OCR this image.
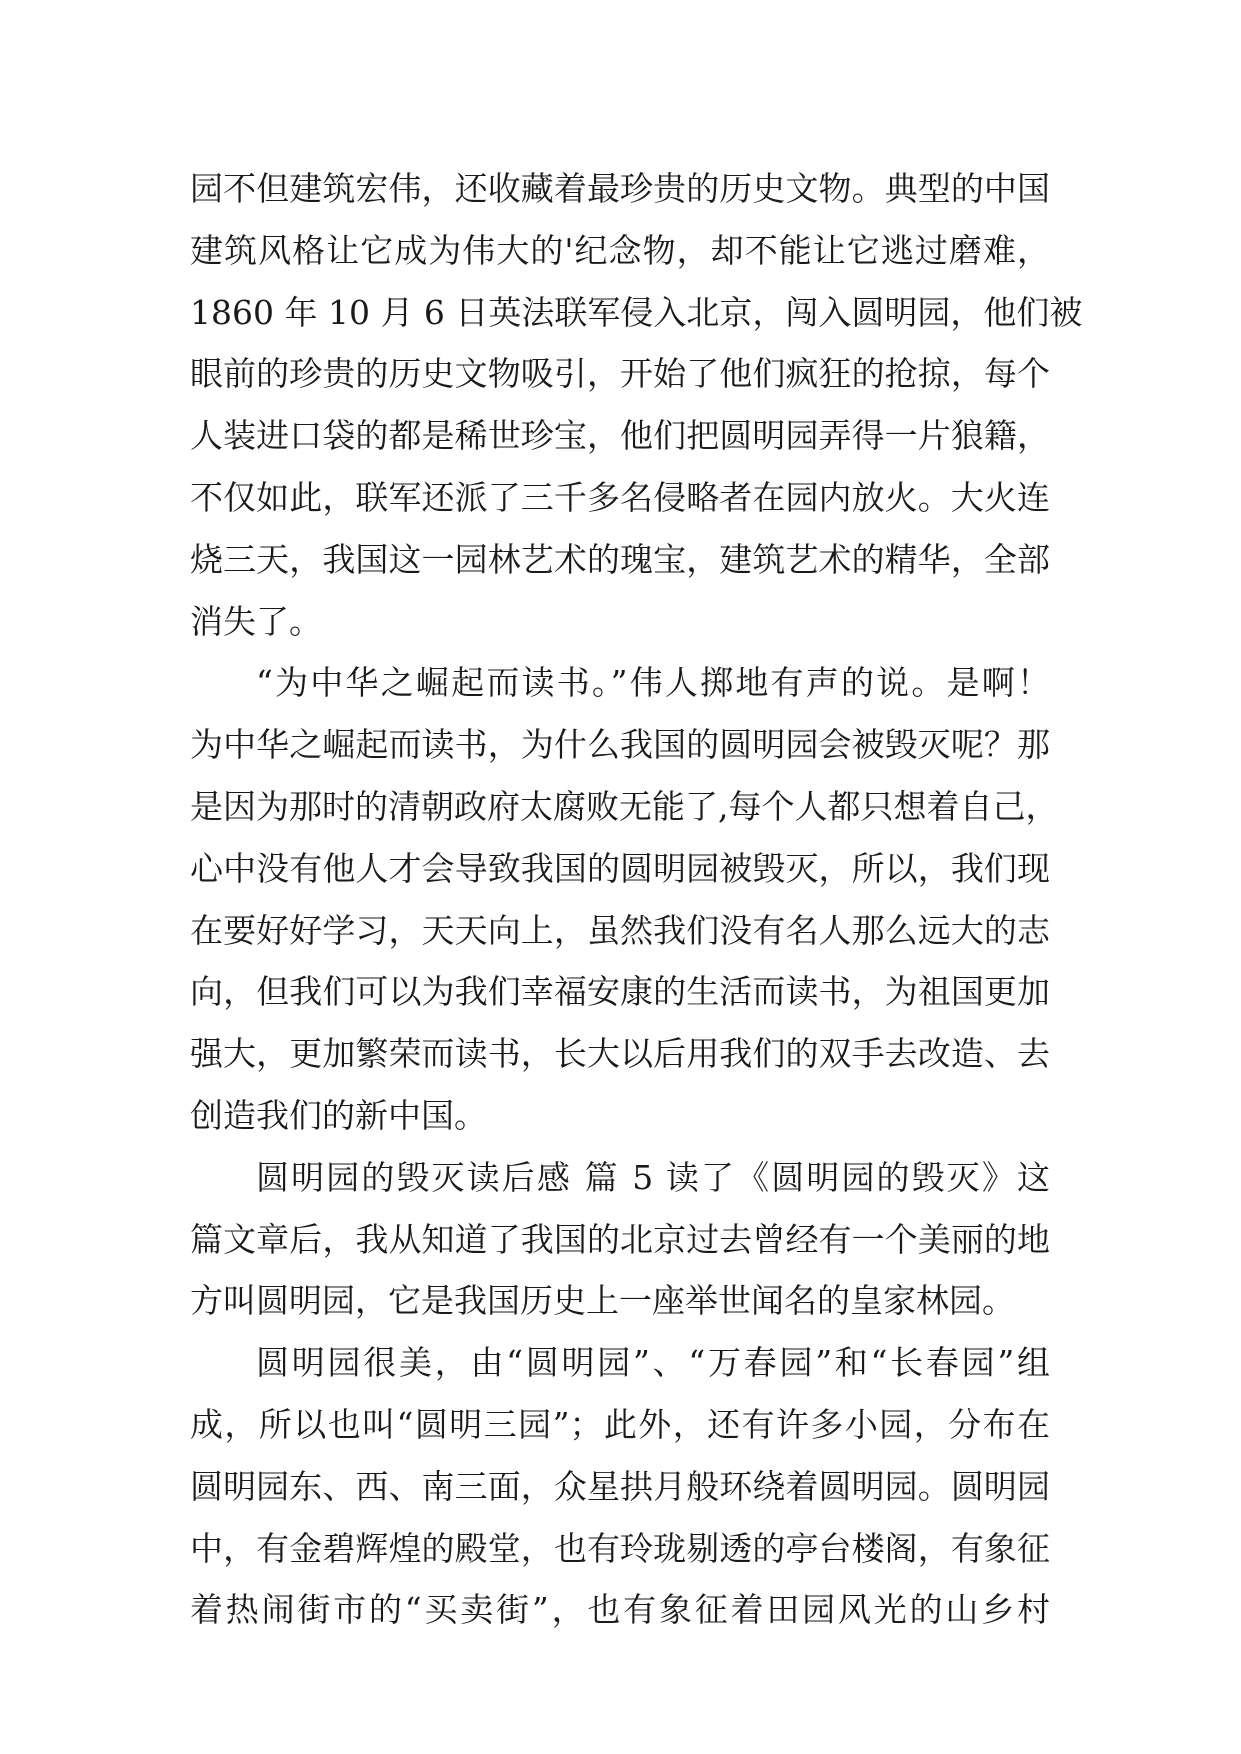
园不但建筑宏伟，还收藏着最珍贵的历史文物。典型的中国
建筑风格让它成为伟大的'纪念物，却不能让它逃过磨难，
1860 年 10 月 6 日英法联军侵入北京，闯入圆明园，他们被
眼前的珍贵的历史文物吸引，开始了他们疯狂的抢掠，每个
人装进口袋的都是稀世珍宝，他们把圆明园弄得一片狼籍，
不仅如此，联军还派了三千多名侵略者在园内放火。大火连
烧三天，我国这一园林艺术的瑰宝，建筑艺术的精华，全部
消失了。
“为中华之崛起而读书。”伟人掷地有声的说。是啊！
为中华之崛起而读书，为什么我国的圆明园会被毁灭呢？那
是因为那时的清朝政府太腐败无能了,每个人都只想着自己，
心中没有他人才会导致我国的圆明园被毁灭，所以，我们现
在要好好学习，天天向上，虽然我们没有名人那么远大的志
向，但我们可以为我们幸福安康的生活而读书，为祖国更加
强大，更加繁荣而读书，长大以后用我们的双手去改造、去
创造我们的新中国。
圆明园的毁灭读后感 篇 5 读了《圆明园的毁灭》这
篇文章后，我从知道了我国的北京过去曾经有一个美丽的地
方叫圆明园，它是我国历史上一座举世闻名的皇家林园。
圆明园很美，由“圆明园”、“万春园”和“长春园”组
成，所以也叫“圆明三园”；此外，还有许多小园，分布在
圆明园东、西、南三面，众星拱月般环绕着圆明园。圆明园
中，有金碧辉煌的殿堂，也有玲珑剔透的亭台楼阁，有象征
着热闹街市的“买卖街”，也有象征着田园风光的山乡村
